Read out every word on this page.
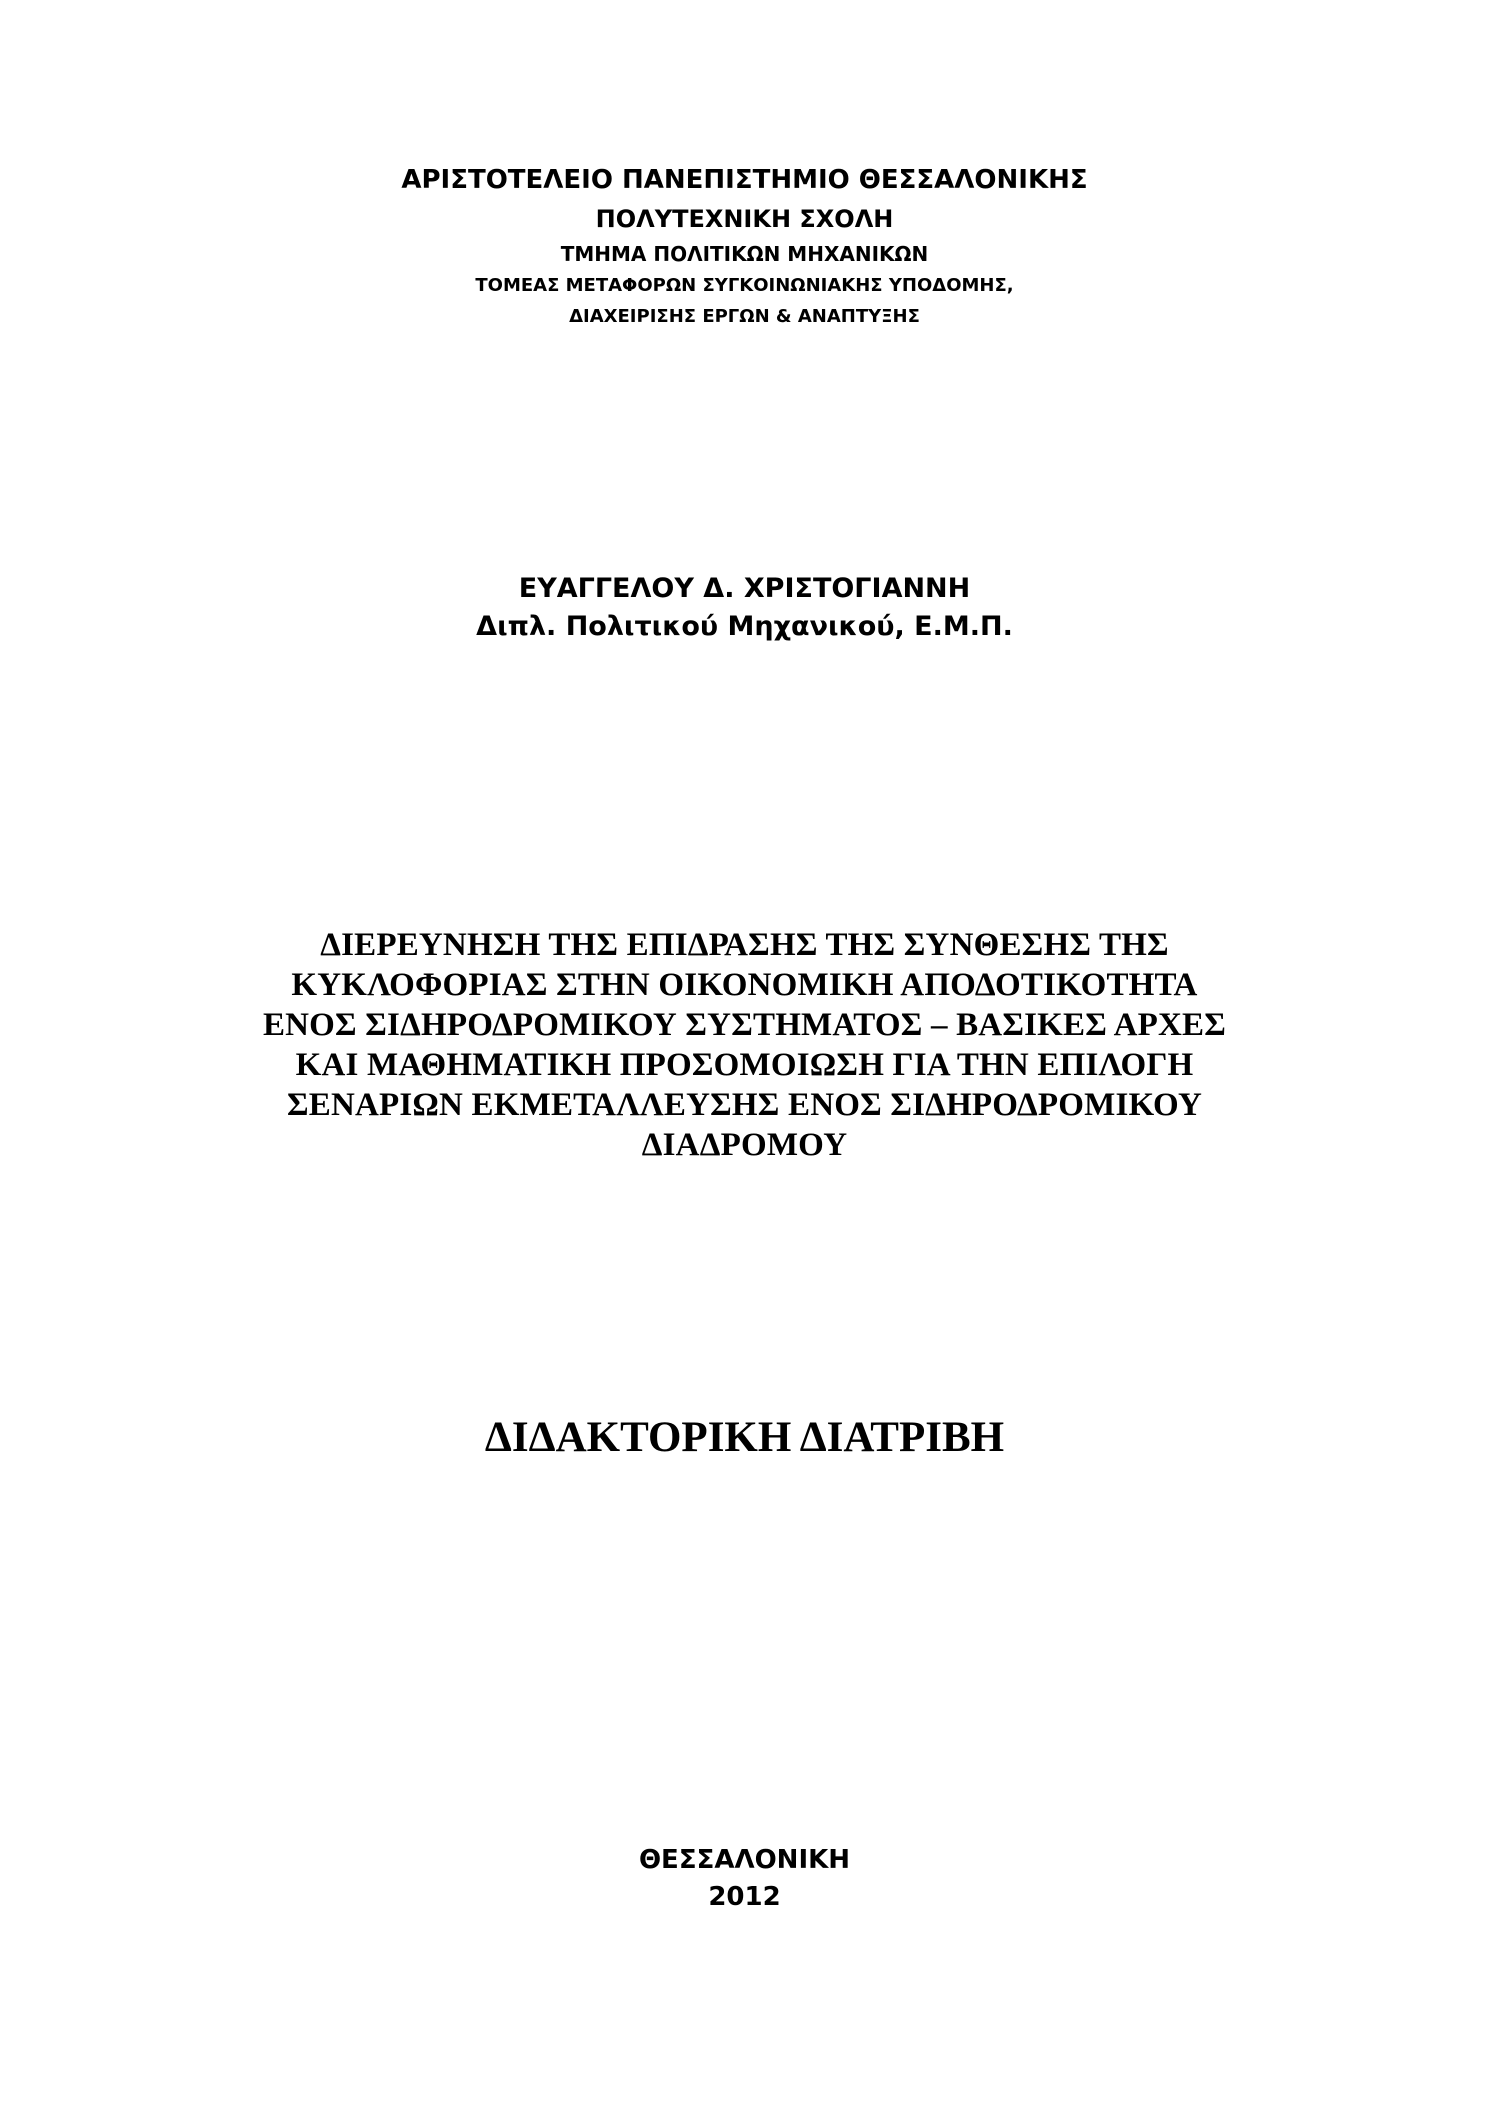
ΑΡΙΣΤΟΤΕΛΕΙΟ ΠΑΝΕΠΙΣΤΗΜΙΟ ΘΕΣΣΑΛΟΝΙΚΗΣ
ΠΟΛΥΤΕΧΝΙΚΗ ΣΧΟΛΗ
ΤΜΗΜΑ ΠΟΛΙΤΙΚΩΝ ΜΗΧΑΝΙΚΩΝ
ΤΟΜΕΑΣ ΜΕΤΑΦΟΡΩΝ ΣΥΓΚΟΙΝΩΝΙΑΚΗΣ ΥΠΟΔΟΜΗΣ,
ΔΙΑΧΕΙΡΙΣΗΣ ΕΡΓΩΝ & ΑΝΑΠΤΥΞΗΣ
ΕΥΑΓΓΕΛΟΥ Δ. ΧΡΙΣΤΟΓΙΑΝΝΗ
Διπλ. Πολιτικού Μηχανικού, Ε.Μ.Π.
ΔΙΕΡΕΥΝΗΣΗ ΤΗΣ ΕΠΙΔΡΑΣΗΣ ΤΗΣ ΣΥΝΘΕΣΗΣ ΤΗΣ
ΚΥΚΛΟΦΟΡΙΑΣ ΣΤΗΝ ΟΙΚΟΝΟΜΙΚΗ ΑΠΟΔΟΤΙΚΟΤΗΤΑ
ΕΝΟΣ ΣΙΔΗΡΟΔΡΟΜΙΚΟΥ ΣΥΣΤΗΜΑΤΟΣ – ΒΑΣΙΚΕΣ ΑΡΧΕΣ
ΚΑΙ ΜΑΘΗΜΑΤΙΚΗ ΠΡΟΣΟΜΟΙΩΣΗ ΓΙΑ ΤΗΝ ΕΠΙΛΟΓΗ
ΣΕΝΑΡΙΩΝ ΕΚΜΕΤΑΛΛΕΥΣΗΣ ΕΝΟΣ ΣΙΔΗΡΟΔΡΟΜΙΚΟΥ
ΔΙΑΔΡΟΜΟΥ
ΔΙΔΑΚΤΟΡΙΚΗ ΔΙΑΤΡΙΒΗ
ΘΕΣΣΑΛΟΝΙΚΗ
2012
